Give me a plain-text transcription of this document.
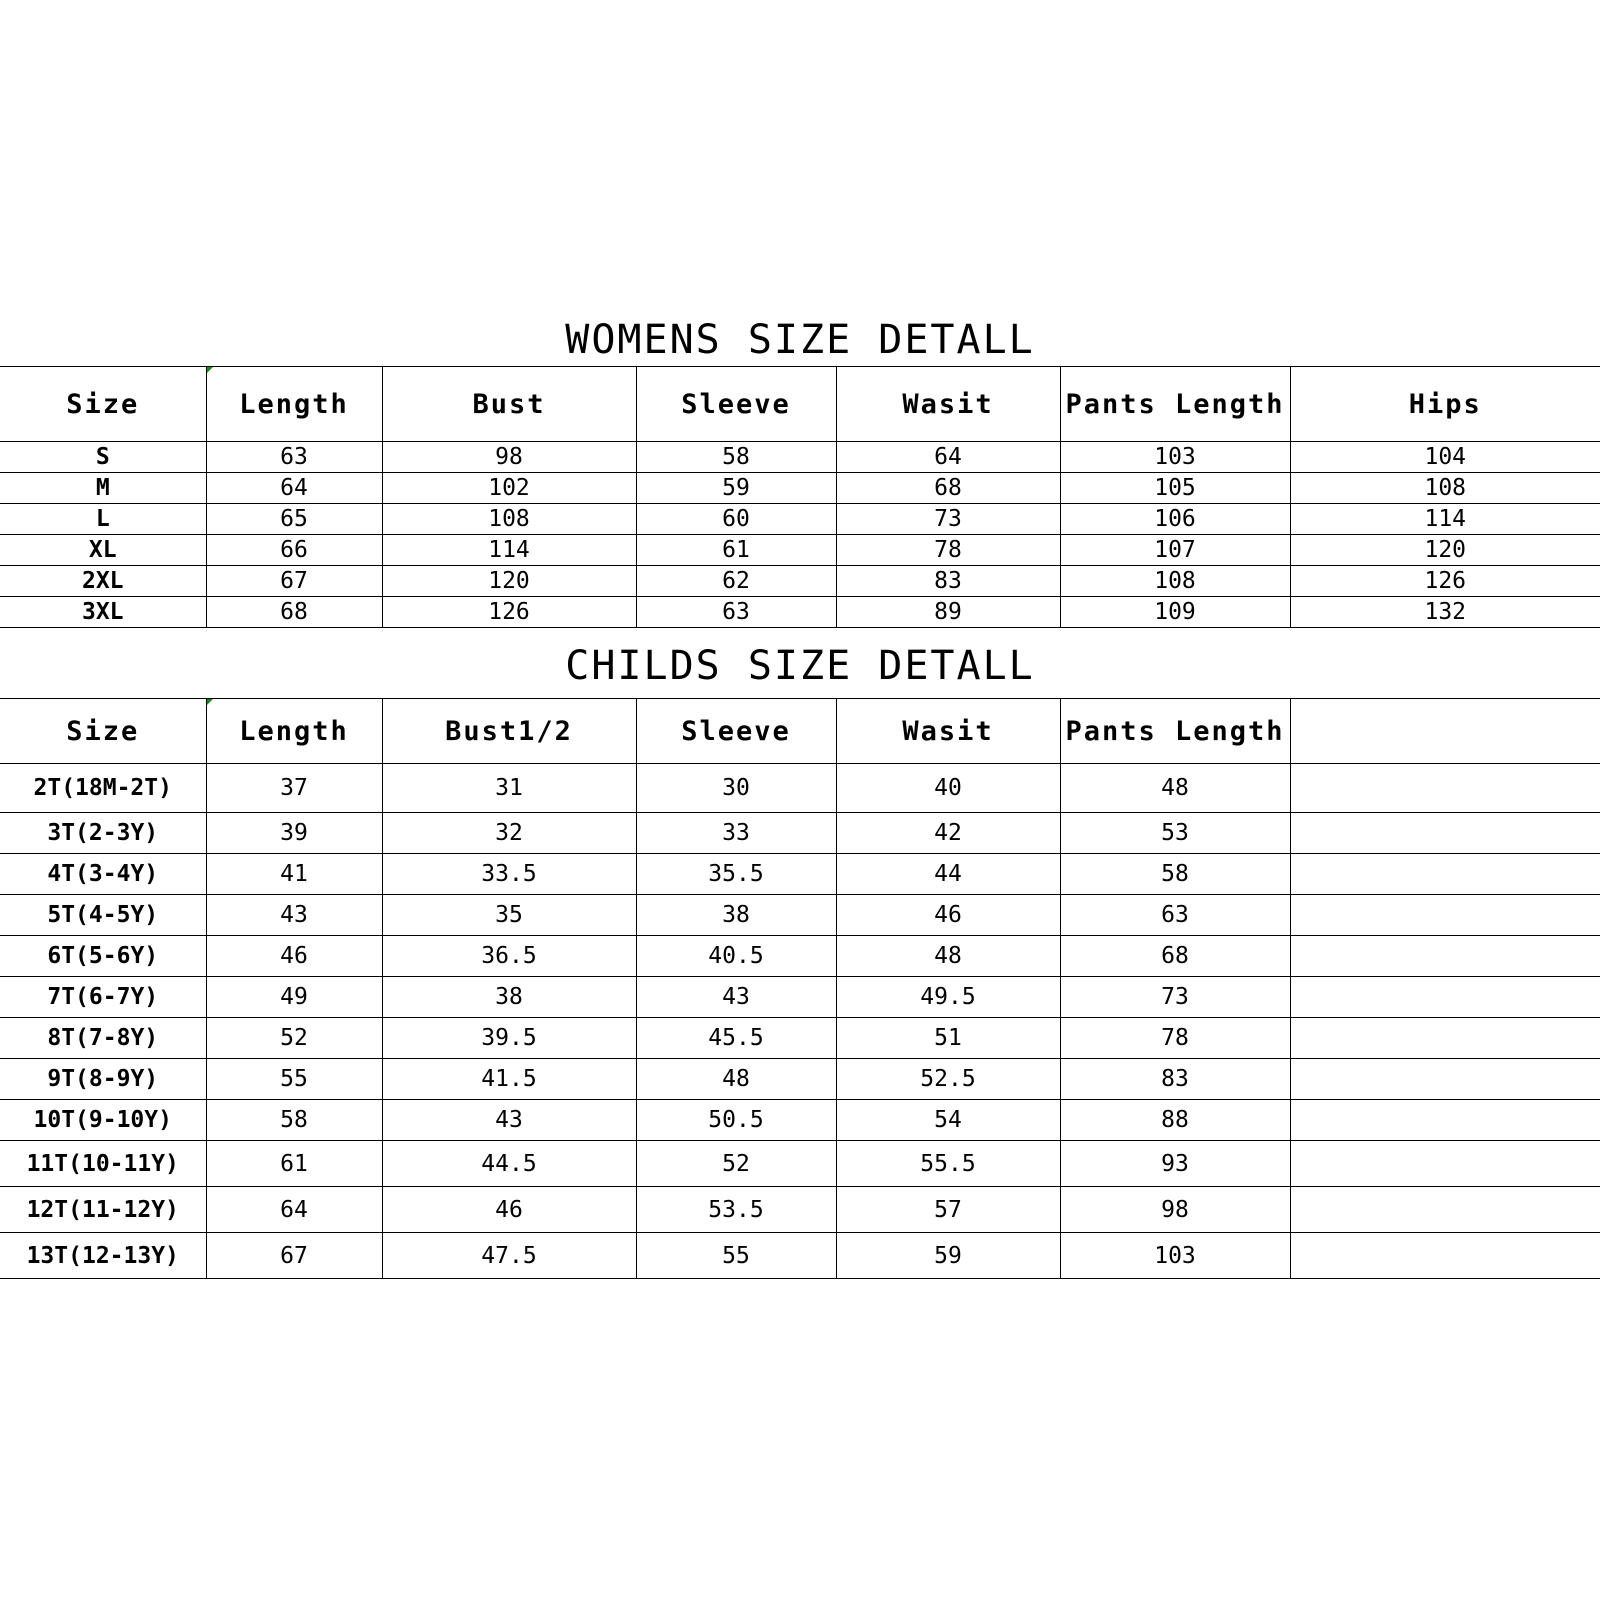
WOMENS SIZE DETALL
Size	Length	Bust	Sleeve	Wasit	Pants Length	Hips
S	63	98	58	64	103	104
M	64	102	59	68	105	108
L	65	108	60	73	106	114
XL	66	114	61	78	107	120
2XL	67	120	62	83	108	126
3XL	68	126	63	89	109	132
CHILDS SIZE DETALL
Size	Length	Bust1/2	Sleeve	Wasit	Pants Length	
2T(18M-2T)	37	31	30	40	48	
3T(2-3Y)	39	32	33	42	53	
4T(3-4Y)	41	33.5	35.5	44	58	
5T(4-5Y)	43	35	38	46	63	
6T(5-6Y)	46	36.5	40.5	48	68	
7T(6-7Y)	49	38	43	49.5	73	
8T(7-8Y)	52	39.5	45.5	51	78	
9T(8-9Y)	55	41.5	48	52.5	83	
10T(9-10Y)	58	43	50.5	54	88	
11T(10-11Y)	61	44.5	52	55.5	93	
12T(11-12Y)	64	46	53.5	57	98	
13T(12-13Y)	67	47.5	55	59	103	
